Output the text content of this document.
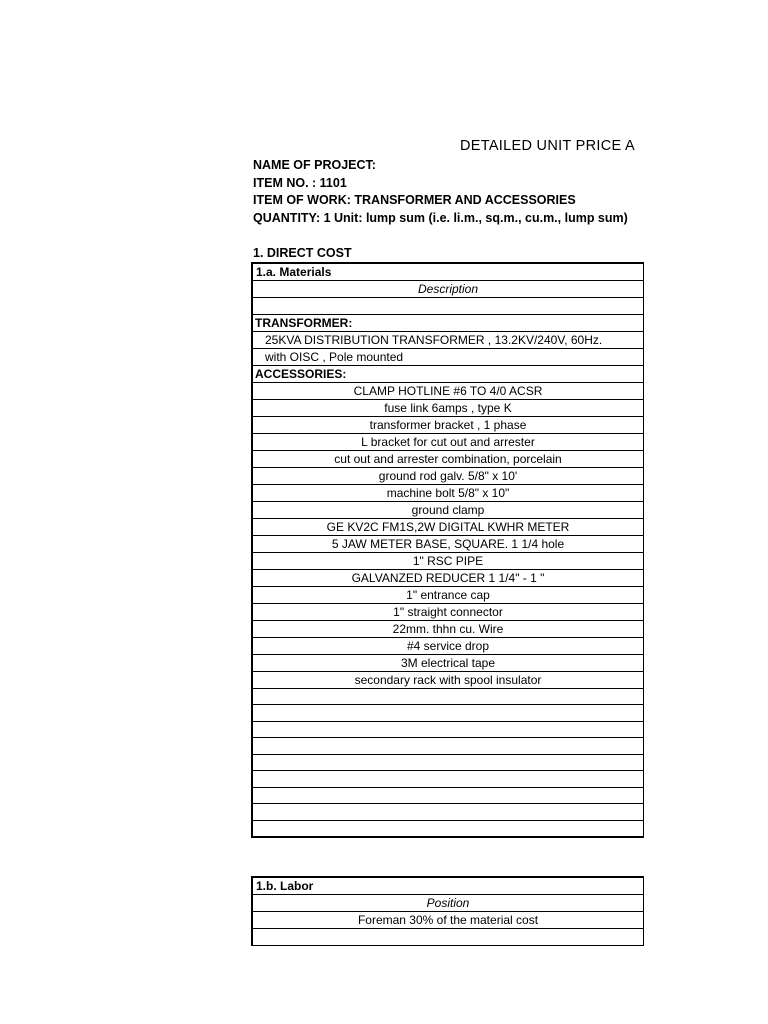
DETAILED UNIT PRICE A
NAME OF PROJECT:
ITEM NO. : 1101
ITEM OF WORK: TRANSFORMER AND ACCESSORIES
QUANTITY: 1 Unit: lump sum (i.e. li.m., sq.m., cu.m., lump sum)
1. DIRECT COST
1.a. Materials
Description

TRANSFORMER:
25KVA DISTRIBUTION TRANSFORMER , 13.2KV/240V, 60Hz.
with OISC , Pole mounted
ACCESSORIES:
CLAMP HOTLINE #6 TO 4/0 ACSR
fuse link 6amps , type K
transformer bracket , 1 phase
L bracket for cut out and arrester
cut out and arrester combination, porcelain
ground rod galv. 5/8" x 10'
machine bolt 5/8" x 10"
ground clamp
GE KV2C FM1S,2W DIGITAL KWHR METER
5 JAW METER BASE, SQUARE. 1 1/4 hole
1" RSC PIPE
GALVANZED REDUCER 1 1/4" - 1 "
1" entrance cap
1" straight connector
22mm. thhn cu. Wire
#4 service drop
3M electrical tape
secondary rack with spool insulator

1.b. Labor
Position
Foreman 30% of the material cost
